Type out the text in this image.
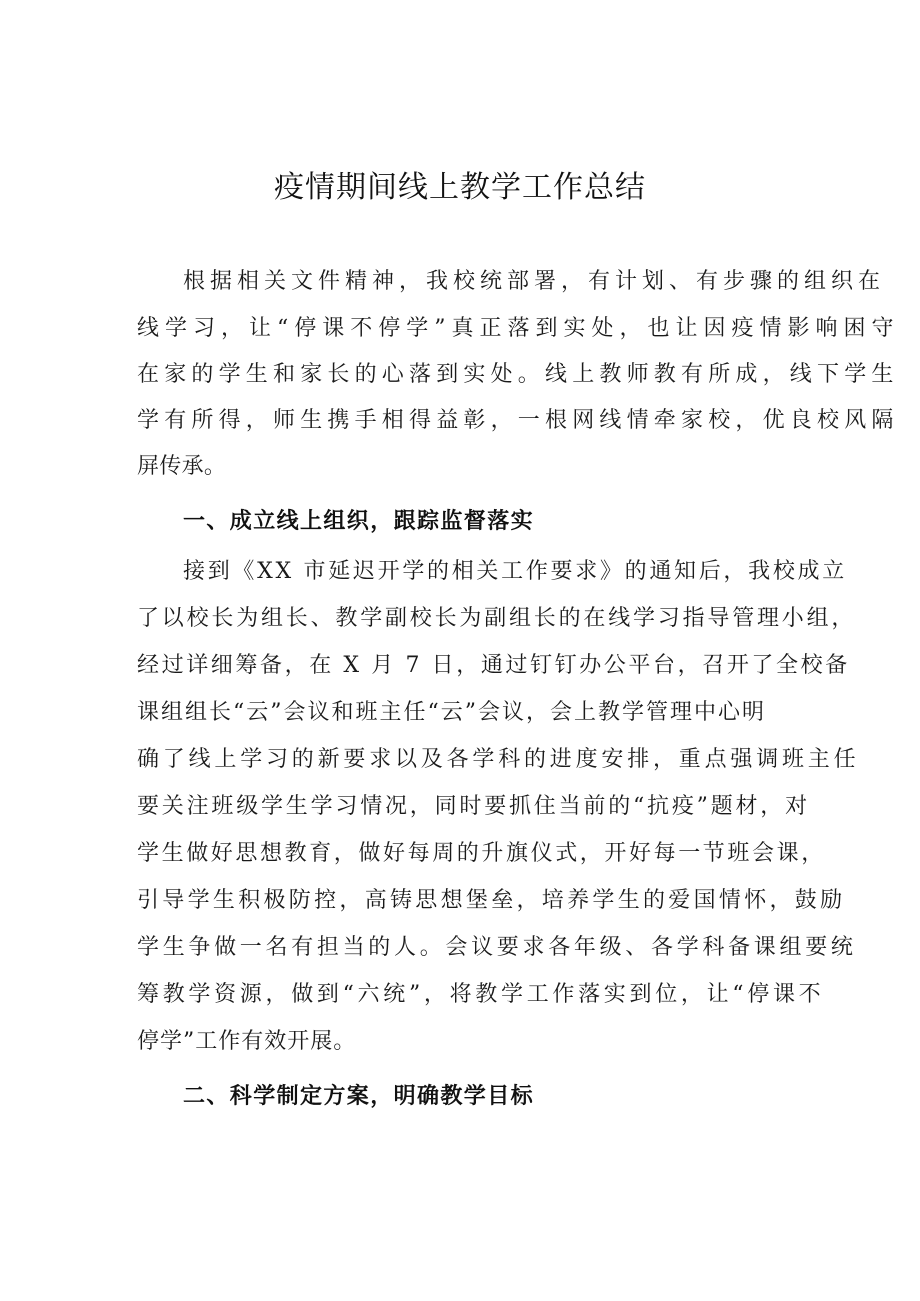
疫情期间线上教学工作总结
根据相关文件精神，我校统部署，有计划、有步骤的组织在
线学习，让“停课不停学”真正落到实处，也让因疫情影响困守
在家的学生和家长的心落到实处。线上教师教有所成，线下学生
学有所得，师生携手相得益彰，一根网线情牵家校，优良校风隔
屏传承。
一、成立线上组织，跟踪监督落实
接到《XX 市延迟开学的相关工作要求》的通知后，我校成立
了以校长为组长、教学副校长为副组长的在线学习指导管理小组，
经过详细筹备，在 X 月 7 日，通过钉钉办公平台，召开了全校备
课组组长“云”会议和班主任“云”会议，会上教学管理中心明
确了线上学习的新要求以及各学科的进度安排，重点强调班主任
要关注班级学生学习情况，同时要抓住当前的“抗疫”题材，对
学生做好思想教育，做好每周的升旗仪式，开好每一节班会课，
引导学生积极防控，高铸思想堡垒，培养学生的爱国情怀，鼓励
学生争做一名有担当的人。会议要求各年级、各学科备课组要统
筹教学资源，做到“六统”，将教学工作落实到位，让“停课不
停学”工作有效开展。
二、科学制定方案，明确教学目标
